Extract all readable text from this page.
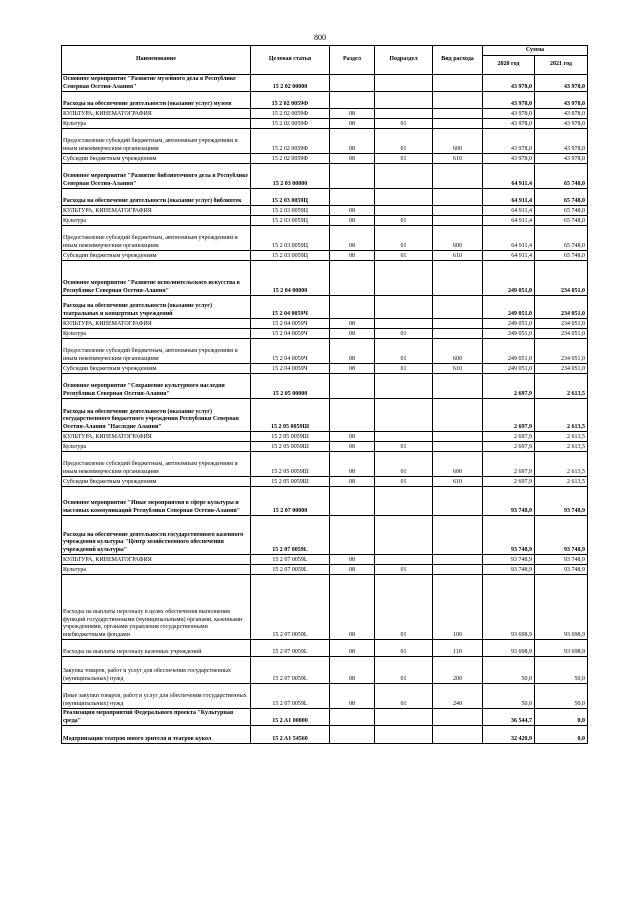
800
Наименование	Целевая статья	Раздел	Подраздел	Вид расхода	Сумма	
					2020 год	2021 год
Основное мероприятие "Развитие музейного дела в Республике Северная Осетия-Алания"	15 2 02 00000				43 978,0	43 978,0
Расходы на обеспечение деятельности (оказание услуг) музеев	15 2 02 0059Ф				43 978,0	43 978,0
КУЛЬТУРА, КИНЕМАТОГРАФИЯ	15 2 02 0059Ф	08			43 978,0	43 978,0
Культура	15 2 02 0059Ф	08	01		43 978,0	43 978,0
Предоставление субсидий бюджетным, автономным учреждениям и иным некоммерческим организациям	15 2 02 0059Ф	08	01	600	43 978,0	43 978,0
Субсидии бюджетным учреждениям	15 2 02 0059Ф	08	01	610	43 978,0	43 978,0
Основное мероприятие "Развитие библиотечного дела в Республике Северная Осетия-Алания"	15 2 03 00000				64 911,4	65 748,0
Расходы на обеспечение деятельности (оказание услуг) библиотек	15 2 03 0059Ц				64 911,4	65 748,0
КУЛЬТУРА, КИНЕМАТОГРАФИЯ	15 2 03 0059Ц	08			64 911,4	65 748,0
Культура	15 2 03 0059Ц	08	01		64 911,4	65 748,0
Предоставление субсидий бюджетным, автономным учреждениям и иным некоммерческим организациям	15 2 03 0059Ц	08	01	600	64 911,4	65 748,0
Субсидии бюджетным учреждениям	15 2 03 0059Ц	08	01	610	64 911,4	65 748,0
Основное мероприятие "Развитие исполнительского искусства в Республике Северная Осетия-Алания"	15 2 04 00000				249 051,0	234 051,0
Расходы на обеспечение деятельности (оказание услуг) театральных и концертных учреждений	15 2 04 0059Ч				249 051,0	234 051,0
КУЛЬТУРА, КИНЕМАТОГРАФИЯ	15 2 04 0059Ч	08			249 051,0	234 051,0
Культура	15 2 04 0059Ч	08	01		249 051,0	234 051,0
Предоставление субсидий бюджетным, автономным учреждениям и иным некоммерческим организациям	15 2 04 0059Ч	08	01	600	249 051,0	234 051,0
Субсидии бюджетным учреждениям	15 2 04 0059Ч	08	01	610	249 051,0	234 051,0
Основное мероприятие "Сохранение культурного наследия Республики Северная Осетия-Алания"	15 2 05 00000				2 697,9	2 613,5
Расходы на обеспечение деятельности (оказание услуг) государственного бюджетного учреждения Республики Северная Осетия-Алания "Наследие Алании"	15 2 05 0059Ш				2 697,9	2 613,5
КУЛЬТУРА, КИНЕМАТОГРАФИЯ	15 2 05 0059Ш	08			2 697,9	2 613,5
Культура	15 2 05 0059Ш	08	01		2 697,9	2 613,5
Предоставление субсидий бюджетным, автономным учреждениям и иным некоммерческим организациям	15 2 05 0059Ш	08	01	600	2 697,9	2 613,5
Субсидии бюджетным учреждениям	15 2 05 0059Ш	08	01	610	2 697,9	2 613,5
Основное мероприятие "Иные мероприятия в сфере культуры и массовых коммуникаций Республики Северная Осетия-Алания"	15 2 07 00000				93 748,9	93 748,9
Расходы на обеспечение деятельности государственного казенного учреждения культуры "Центр хозяйственного обеспечения учреждений культуры"	15 2 07 0059L				93 748,9	93 748,9
КУЛЬТУРА, КИНЕМАТОГРАФИЯ	15 2 07 0059L	08			93 748,9	93 748,9
Культура	15 2 07 0059L	08	01		93 748,9	93 748,9
Расходы на выплаты персоналу в целях обеспечения выполнения функций государственными (муниципальными) органами, казенными учреждениями, органами управления государственными внебюджетными фондами	15 2 07 0059L	08	01	100	93 698,9	93 698,9
Расходы на выплаты персоналу казенных учреждений	15 2 07 0059L	08	01	110	93 698,9	93 698,9
Закупка товаров, работ и услуг для обеспечения государственных (муниципальных) нужд	15 2 07 0059L	08	01	200	50,0	50,0
Иные закупки товаров, работ и услуг для обеспечения государственных (муниципальных) нужд	15 2 07 0059L	08	01	240	50,0	50,0
Реализация мероприятий Федерального проекта "Культурная среда"	15 2 A1 00000				36 544,7	0,0
Модернизация театров юного зрителя и театров кукол	15 2 A1 54560				32 420,9	0,0
